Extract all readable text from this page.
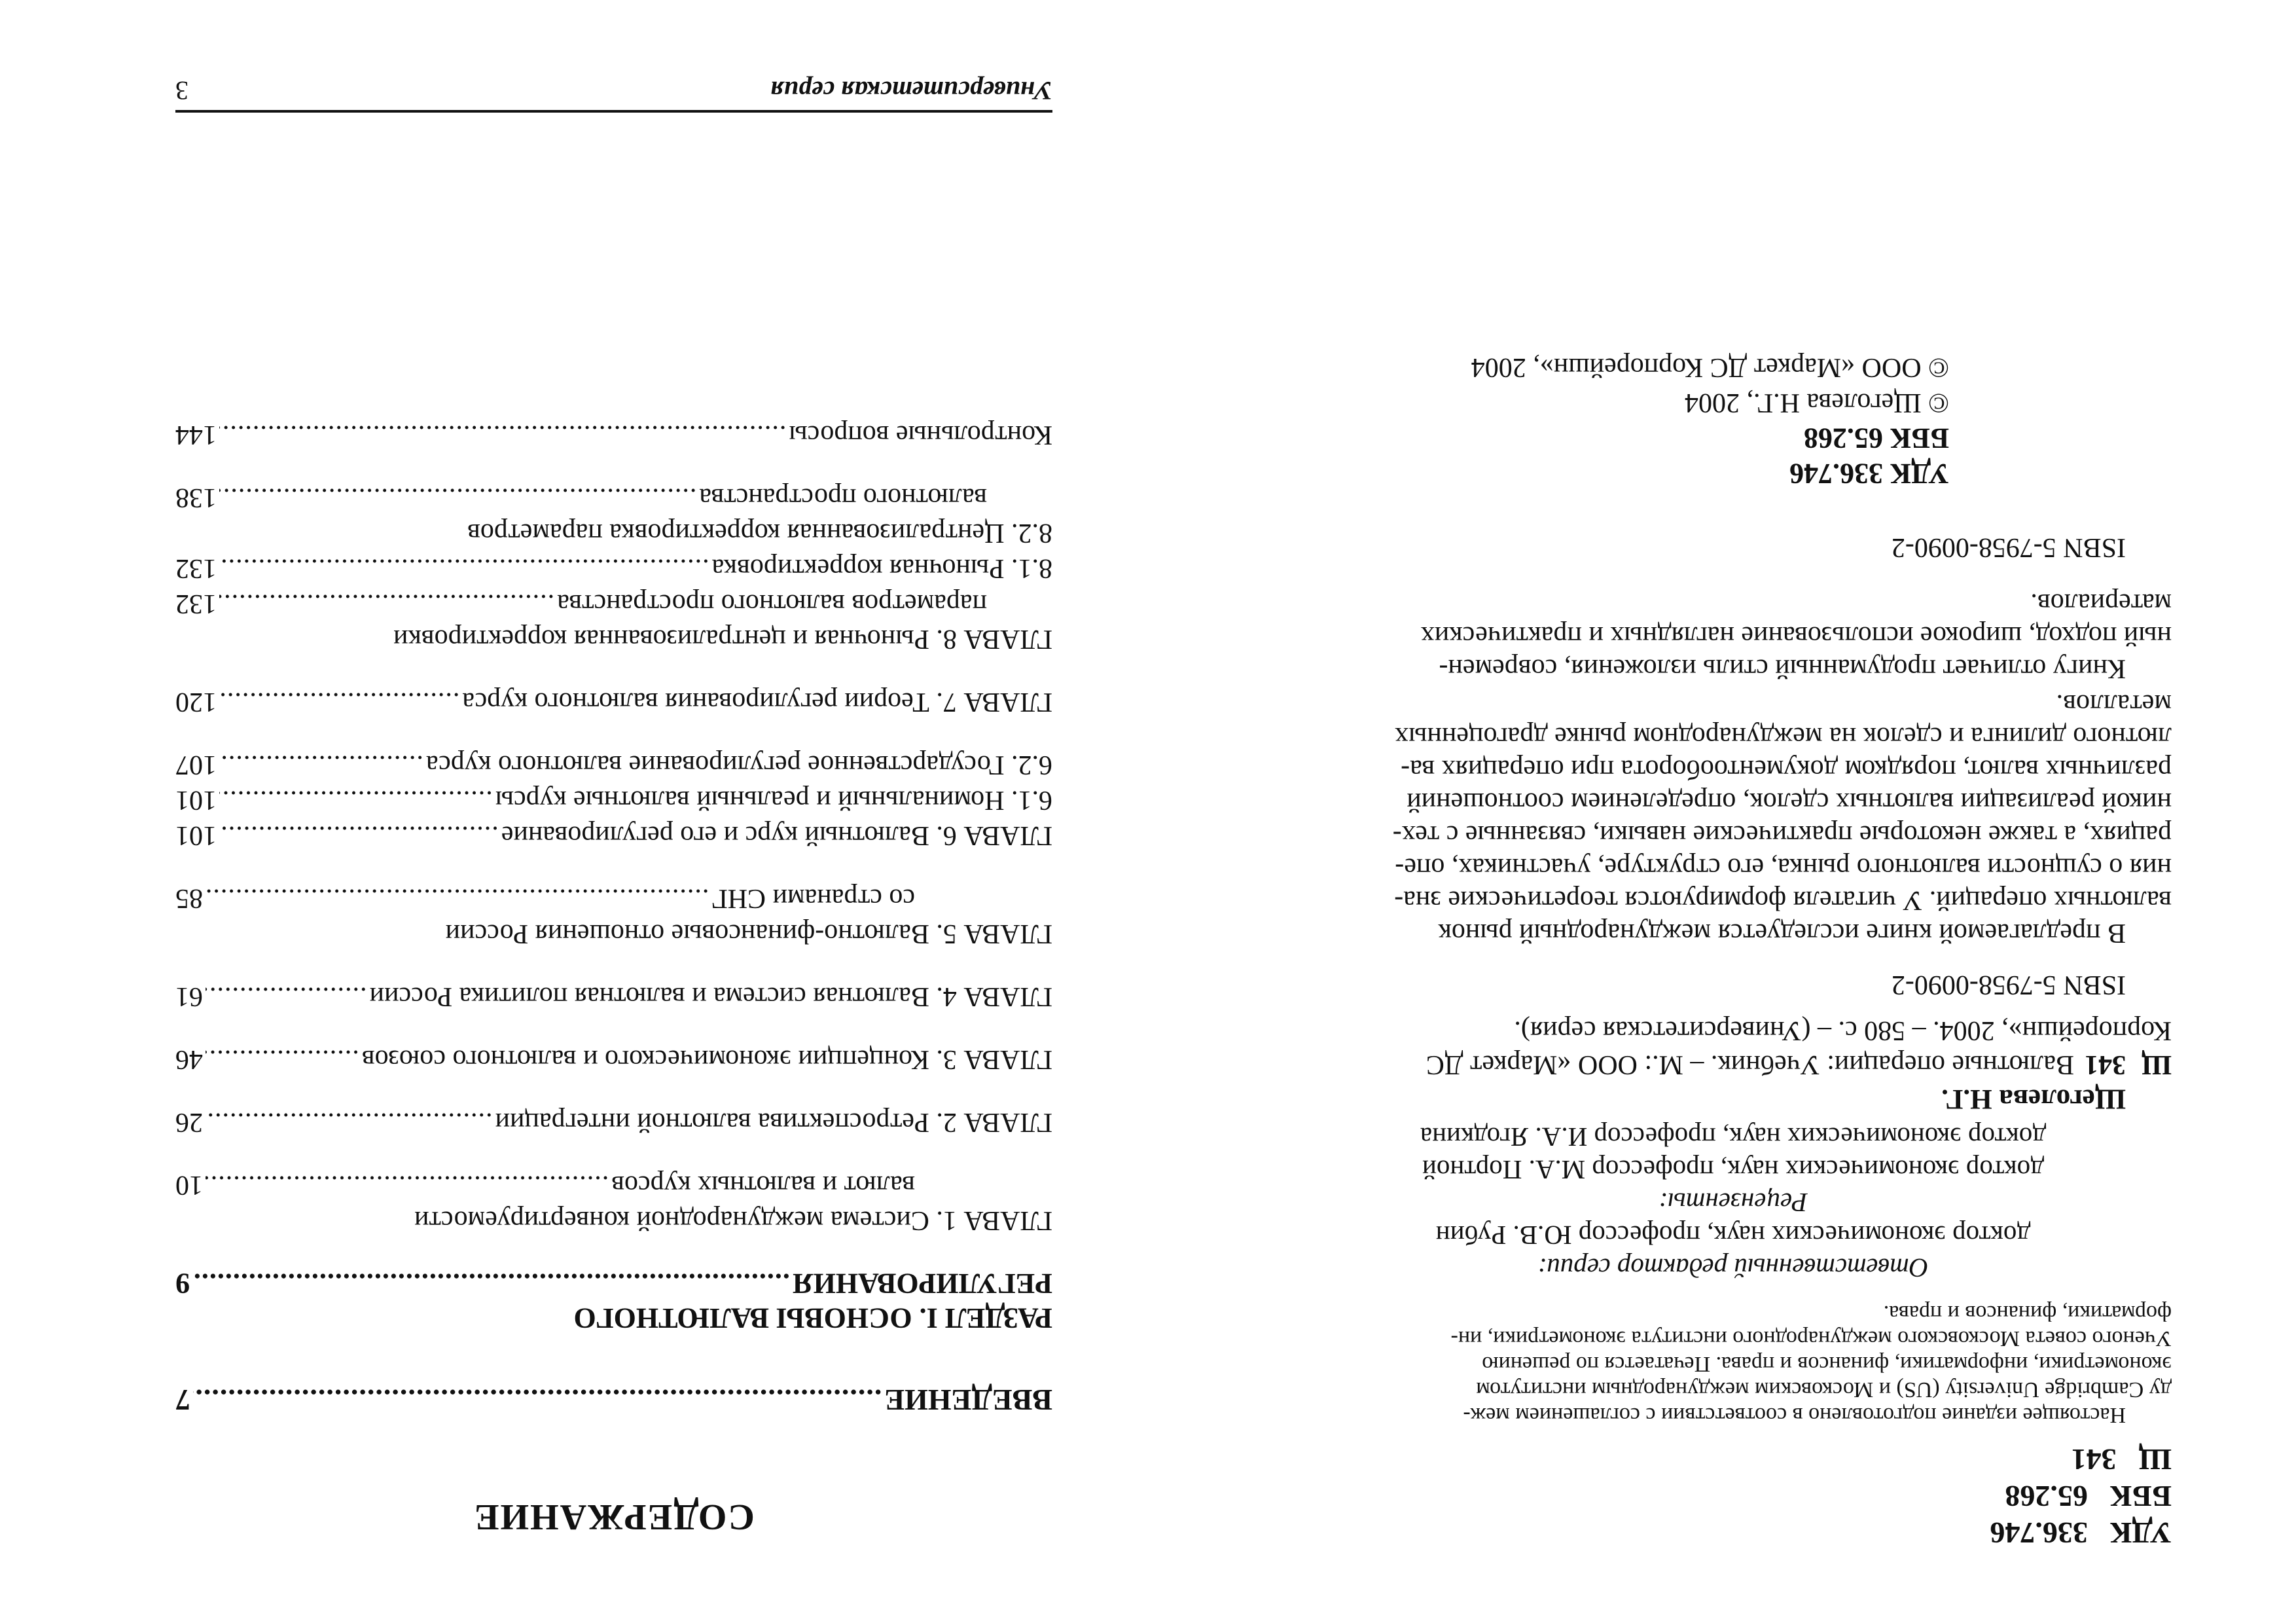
УДК336.746
ББК65.268
Щ341
Настоящее издание подготовлено в соответствии с соглашением меж-
ду Cambridge University (US) и Московским международным институтом
эконометрики, информатики, финансов и права. Печатается по решению
Ученого совета Московского международного института эконометрики, ин-
форматики, финансов и права.
Ответственный редактор серии:
доктор экономических наук, профессор Ю.В. Рубин
Рецензенты:
доктор экономических наук, профессор М.А. Портной
доктор экономических наук, профессор И.А. Ягодкина
Щеголева Н.Г.
Щ341Валютные операции: Учебник. – М.: ООО «Маркет ДС
Корпорейшн», 2004. – 580 с. – (Университетская серия).
ISBN 5-7958-0090-2
В предлагаемой книге исследуется международный рынок
валютных операций. У читателя формируются теоретические зна-
ния о сущности валютного рынка, его структуре, участниках, опе-
рациях, а также некоторые практические навыки, связанные с тех-
никой реализации валютных сделок, определением соотношений
различных валют, порядком документооборота при операциях ва-
лютного дилинга и сделок на международном рынке драгоценных
металлов.
Книгу отличает продуманный стиль изложения, современ-
ный подход, широкое использование наглядных и практических
материалов.
ISBN 5-7958-0090-2
УДК 336.746
ББК 65.268
© Щеголева Н.Г., 2004
© ООО «Маркет ДС Корпорейшн», 2004
СОДЕРЖАНИЕ
ВВЕДЕНИЕ
.....
7
РАЗДЕЛ I. ОСНОВЫ ВАЛЮТНОГО
РЕГУЛИРОВАНИЯ
.....
9
ГЛАВА 1. Система международной конвертируемости
валют и валютных курсов
.....
10
ГЛАВА 2. Ретроспектива валютной интеграции
.....
26
ГЛАВА 3. Концепции экономического и валютного союзов
.....
46
ГЛАВА 4. Валютная система и валютная политика России
.....
61
ГЛАВА 5. Валютно-финансовые отношения России
со странами СНГ
.....
85
ГЛАВА 6. Валютный курс и его регулирование
.....
101
6.1. Номинальный и реальный валютные курсы
.....
101
6.2. Государственное регулирование валютного курса
.....
107
ГЛАВА 7. Теории регулирования валютного курса
.....
120
ГЛАВА 8. Рыночная и централизованная корректировки
параметров валютного пространства
.....
132
8.1. Рыночная корректировка
.....
132
8.2. Централизованная корректировка параметров
валютного пространства
.....
138
Контрольные вопросы
.....
144
Университетская серия
3
